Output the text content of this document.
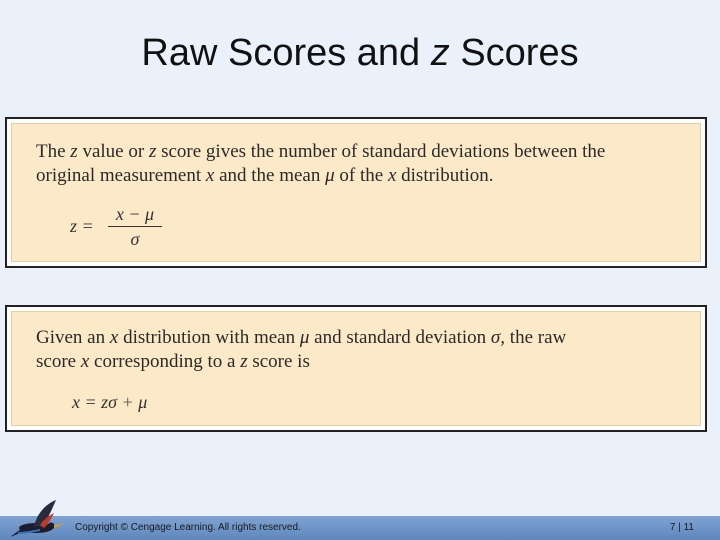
Raw Scores and z Scores
The z value or z score gives the number of standard deviations between the
original measurement x and the mean μ of the x distribution.
z =
x − μ
σ
Given an x distribution with mean μ and standard deviation σ, the raw
score x corresponding to a z score is
x = zσ + μ
Copyright © Cengage Learning. All rights reserved.	7 | 11
